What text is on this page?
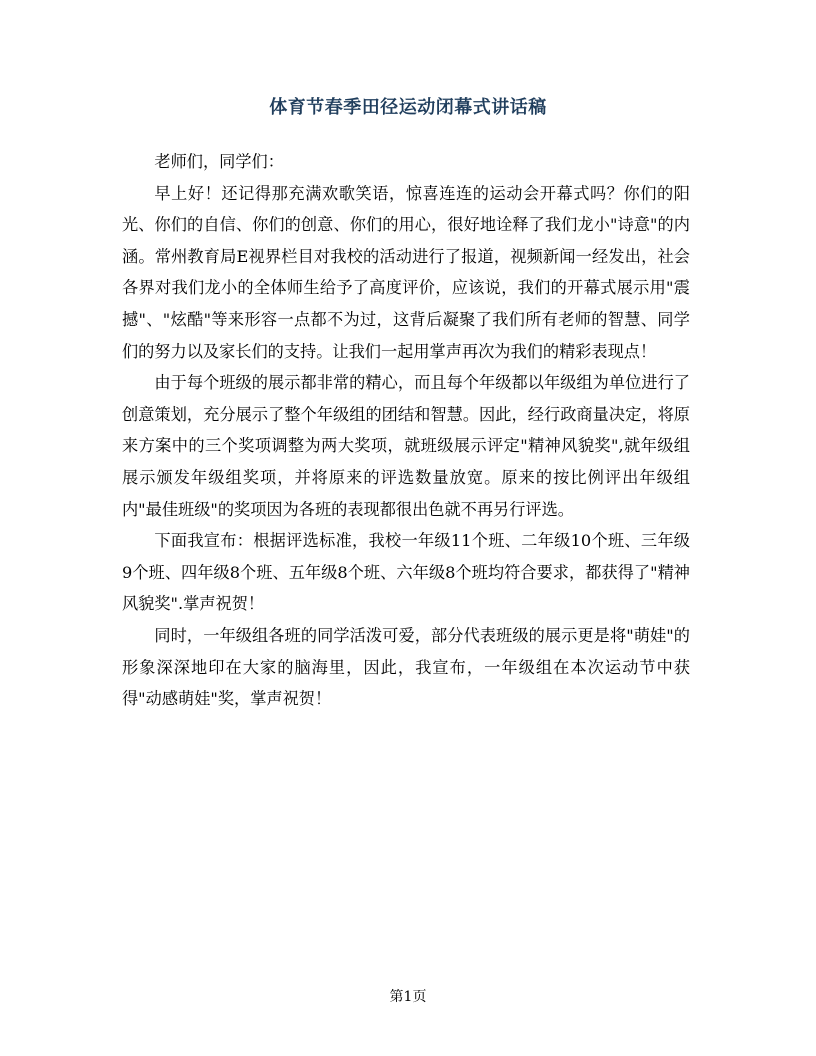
体育节春季田径运动闭幕式讲话稿

老师们，同学们：

早上好！还记得那充满欢歌笑语，惊喜连连的运动会开幕式吗？你们的阳光、你们的自信、你们的创意、你们的用心，很好地诠释了我们龙小"诗意"的内涵。常州教育局E视界栏目对我校的活动进行了报道，视频新闻一经发出，社会各界对我们龙小的全体师生给予了高度评价，应该说，我们的开幕式展示用"震撼"、"炫酷"等来形容一点都不为过，这背后凝聚了我们所有老师的智慧、同学们的努力以及家长们的支持。让我们一起用掌声再次为我们的精彩表现点！

由于每个班级的展示都非常的精心，而且每个年级都以年级组为单位进行了创意策划，充分展示了整个年级组的团结和智慧。因此，经行政商量决定，将原来方案中的三个奖项调整为两大奖项，就班级展示评定"精神风貌奖",就年级组展示颁发年级组奖项，并将原来的评选数量放宽。原来的按比例评出年级组内"最佳班级"的奖项因为各班的表现都很出色就不再另行评选。

下面我宣布：根据评选标准，我校一年级11个班、二年级10个班、三年级9个班、四年级8个班、五年级8个班、六年级8个班均符合要求，都获得了"精神风貌奖".掌声祝贺！

同时，一年级组各班的同学活泼可爱，部分代表班级的展示更是将"萌娃"的形象深深地印在大家的脑海里，因此，我宣布，一年级组在本次运动节中获得"动感萌娃"奖，掌声祝贺！

第1页
